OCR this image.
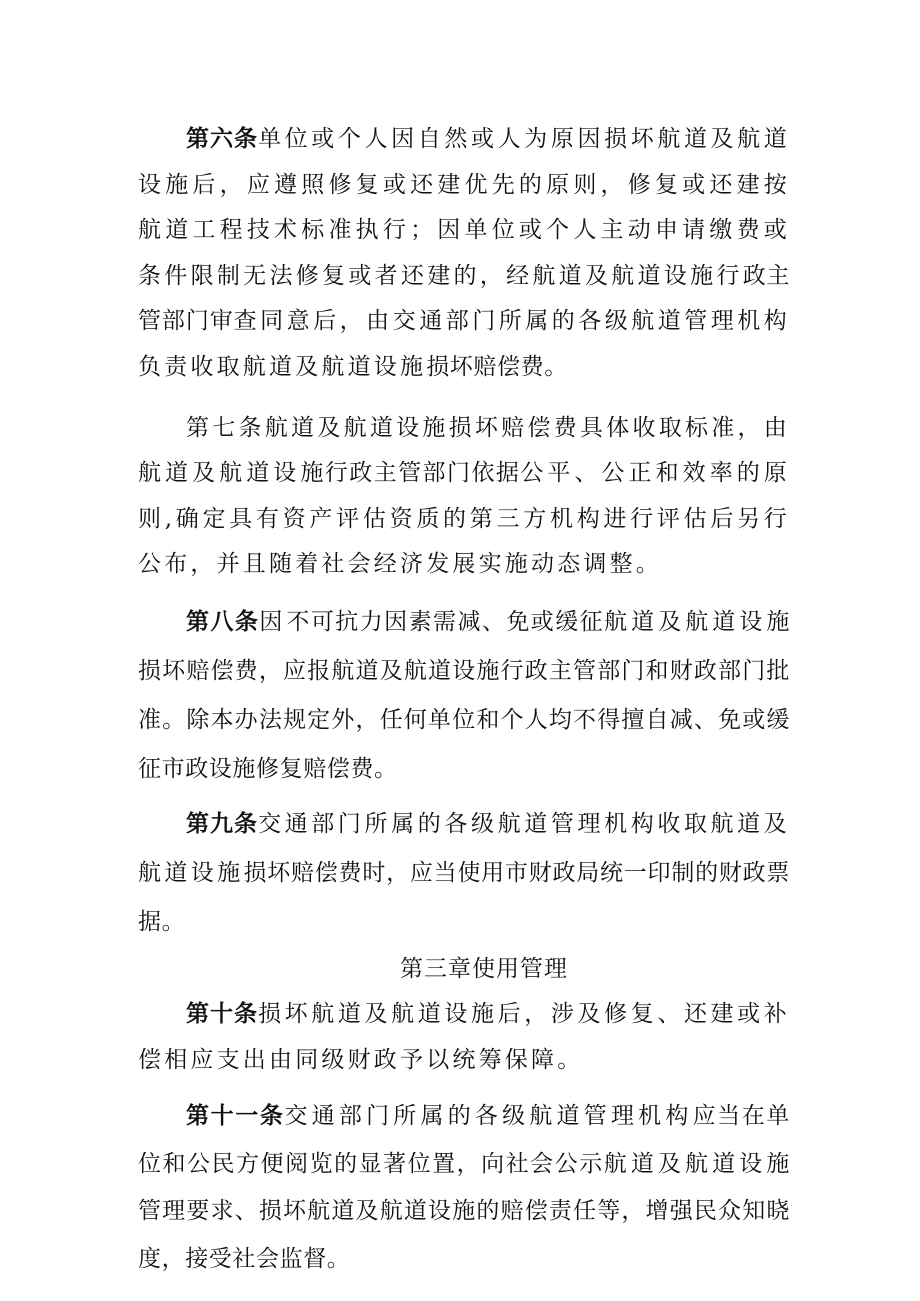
第六条单位或个人因自然或人为原因损坏航道及航道设施后，应遵照修复或还建优先的原则，修复或还建按航道工程技术标准执行；因单位或个人主动申请缴费或条件限制无法修复或者还建的，经航道及航道设施行政主管部门审查同意后，由交通部门所属的各级航道管理机构负责收取航道及航道设施损坏赔偿费。

第七条航道及航道设施损坏赔偿费具体收取标准，由航道及航道设施行政主管部门依据公平、公正和效率的原则,确定具有资产评估资质的第三方机构进行评估后另行公布，并且随着社会经济发展实施动态调整。

第八条因不可抗力因素需减、免或缓征航道及航道设施损坏赔偿费，应报航道及航道设施行政主管部门和财政部门批准。除本办法规定外，任何单位和个人均不得擅自减、免或缓征市政设施修复赔偿费。

第九条交通部门所属的各级航道管理机构收取航道及航道设施损坏赔偿费时，应当使用市财政局统一印制的财政票据。

第三章使用管理

第十条损坏航道及航道设施后，涉及修复、还建或补偿相应支出由同级财政予以统筹保障。

第十一条交通部门所属的各级航道管理机构应当在单位和公民方便阅览的显著位置，向社会公示航道及航道设施管理要求、损坏航道及航道设施的赔偿责任等，增强民众知晓度，接受社会监督。
